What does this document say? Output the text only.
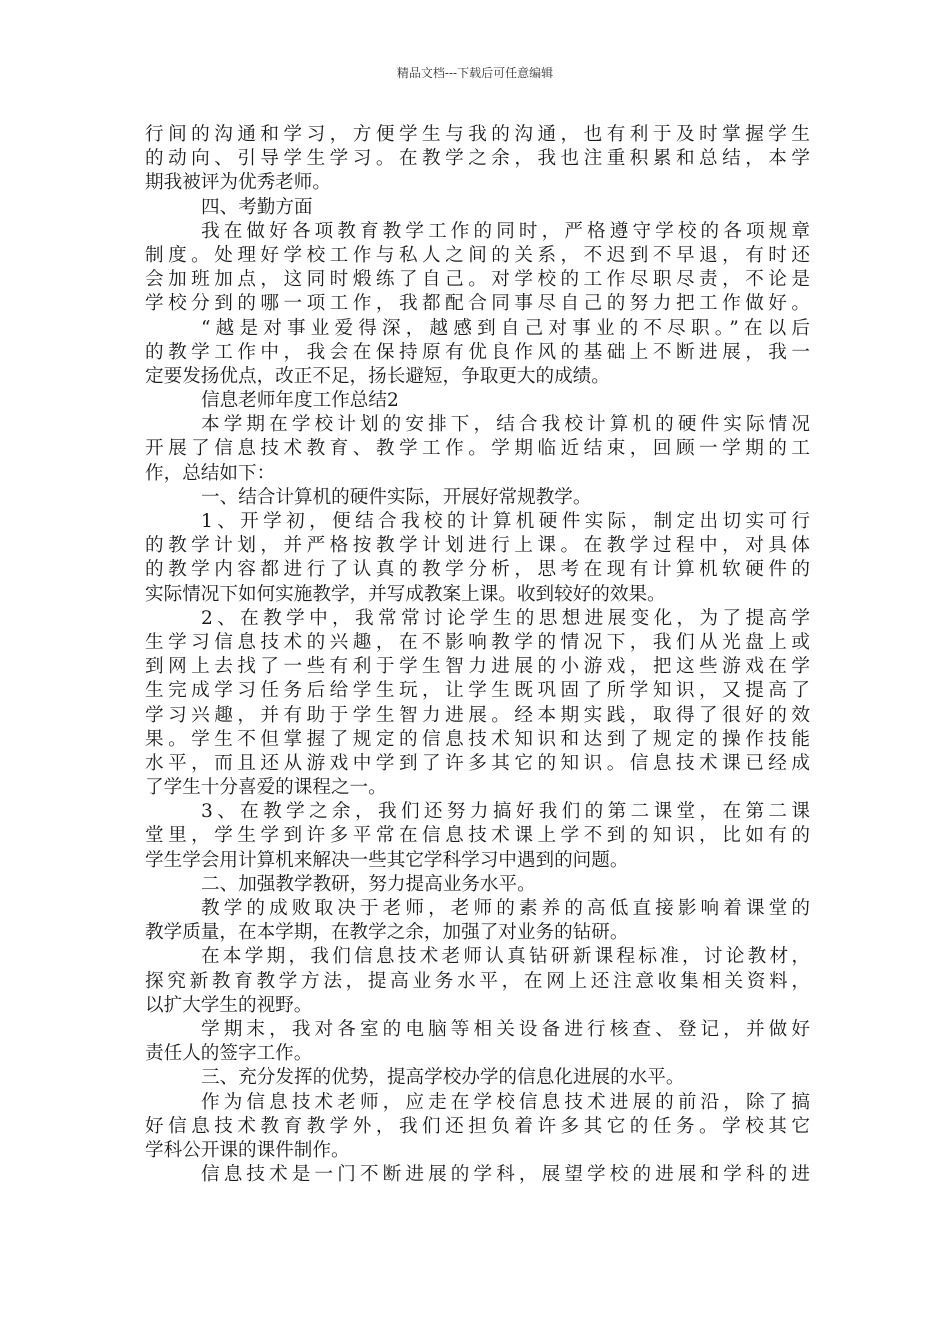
精品文档---下载后可任意编辑
行间的沟通和学习，方便学生与我的沟通，也有利于及时掌握学生
的动向、引导学生学习。在教学之余，我也注重积累和总结，本学
期我被评为优秀老师。
四、考勤方面
我在做好各项教育教学工作的同时，严格遵守学校的各项规章
制度。处理好学校工作与私人之间的关系，不迟到不早退，有时还
会加班加点，这同时煅练了自己。对学校的工作尽职尽责，不论是
学校分到的哪一项工作，我都配合同事尽自己的努力把工作做好。
“越是对事业爱得深，越感到自己对事业的不尽职。”在以后
的教学工作中，我会在保持原有优良作风的基础上不断进展，我一
定要发扬优点，改正不足，扬长避短，争取更大的成绩。
信息老师年度工作总结2
本学期在学校计划的安排下，结合我校计算机的硬件实际情况
开展了信息技术教育、教学工作。学期临近结束，回顾一学期的工
作，总结如下：
一、结合计算机的硬件实际，开展好常规教学。
1、开学初，便结合我校的计算机硬件实际，制定出切实可行
的教学计划，并严格按教学计划进行上课。在教学过程中，对具体
的教学内容都进行了认真的教学分析，思考在现有计算机软硬件的
实际情况下如何实施教学，并写成教案上课。收到较好的效果。
2、在教学中，我常常讨论学生的思想进展变化，为了提高学
生学习信息技术的兴趣，在不影响教学的情况下，我们从光盘上或
到网上去找了一些有利于学生智力进展的小游戏，把这些游戏在学
生完成学习任务后给学生玩，让学生既巩固了所学知识，又提高了
学习兴趣，并有助于学生智力进展。经本期实践，取得了很好的效
果。学生不但掌握了规定的信息技术知识和达到了规定的操作技能
水平，而且还从游戏中学到了许多其它的知识。信息技术课已经成
了学生十分喜爱的课程之一。
3、在教学之余，我们还努力搞好我们的第二课堂，在第二课
堂里，学生学到许多平常在信息技术课上学不到的知识，比如有的
学生学会用计算机来解决一些其它学科学习中遇到的问题。
二、加强教学教研，努力提高业务水平。
教学的成败取决于老师，老师的素养的高低直接影响着课堂的
教学质量，在本学期，在教学之余，加强了对业务的钻研。
在本学期，我们信息技术老师认真钻研新课程标准，讨论教材，
探究新教育教学方法，提高业务水平，在网上还注意收集相关资料，
以扩大学生的视野。
学期末，我对各室的电脑等相关设备进行核查、登记，并做好
责任人的签字工作。
三、充分发挥的优势，提高学校办学的信息化进展的水平。
作为信息技术老师，应走在学校信息技术进展的前沿，除了搞
好信息技术教育教学外，我们还担负着许多其它的任务。学校其它
学科公开课的课件制作。
信息技术是一门不断进展的学科，展望学校的进展和学科的进
